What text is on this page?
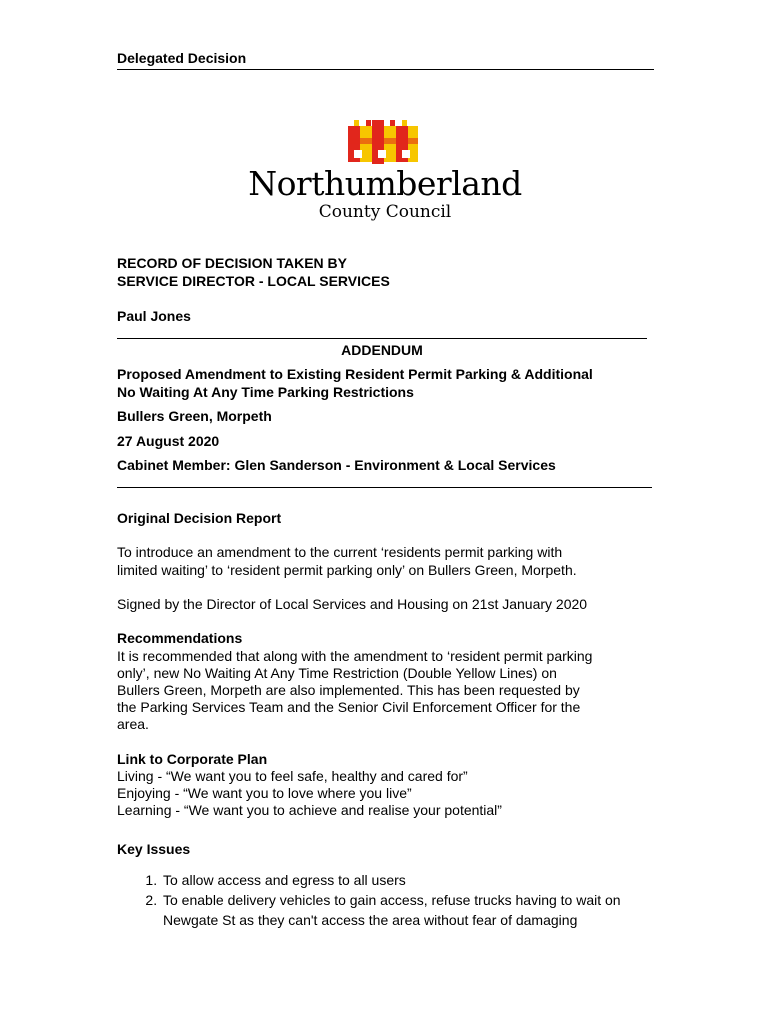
Delegated Decision
Northumberland
County Council
RECORD OF DECISION TAKEN BY
SERVICE DIRECTOR - LOCAL SERVICES
Paul Jones
ADDENDUM
Proposed Amendment to Existing Resident Permit Parking & Additional
No Waiting At Any Time Parking Restrictions
Bullers Green, Morpeth
27 August 2020
Cabinet Member: Glen Sanderson - Environment & Local Services
Original Decision Report
To introduce an amendment to the current ‘residents permit parking with
limited waiting’ to ‘resident permit parking only’ on Bullers Green, Morpeth.
Signed by the Director of Local Services and Housing on 21st January 2020
Recommendations
It is recommended that along with the amendment to ‘resident permit parking
only’, new No Waiting At Any Time Restriction (Double Yellow Lines) on
Bullers Green, Morpeth are also implemented. This has been requested by
the Parking Services Team and the Senior Civil Enforcement Officer for the
area.
Link to Corporate Plan
Living - “We want you to feel safe, healthy and cared for”
Enjoying - “We want you to love where you live”
Learning - “We want you to achieve and realise your potential”
Key Issues
1. To allow access and egress to all users
2. To enable delivery vehicles to gain access, refuse trucks having to wait on Newgate St as they can't access the area without fear of damaging
